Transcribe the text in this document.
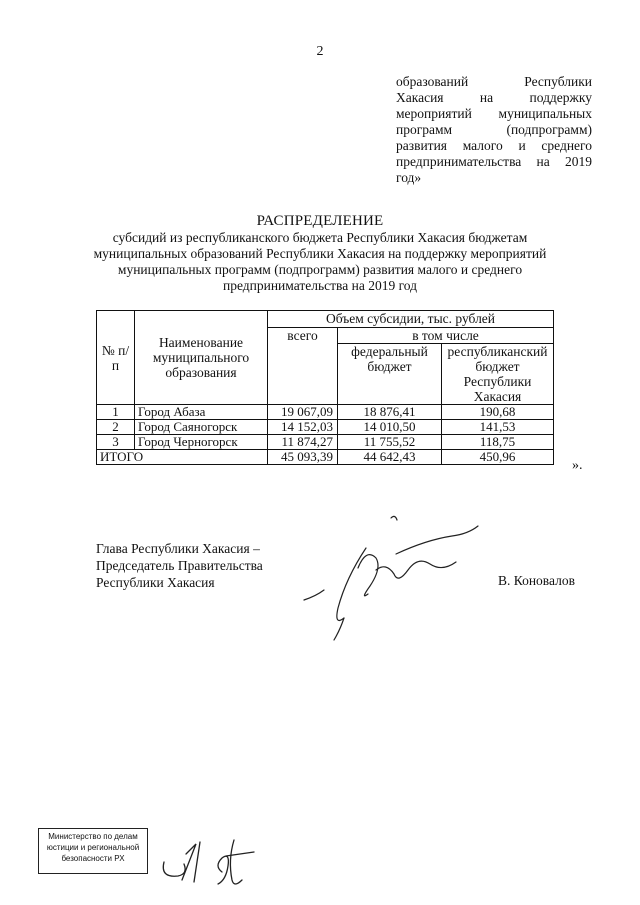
2
образований Республики
Хакасия на поддержку
мероприятий муниципальных
программ (подпрограмм)
развития малого и среднего
предпринимательства на 2019
год»
РАСПРЕДЕЛЕНИЕ
субсидий из республиканского бюджета Республики Хакасия бюджетам
муниципальных образований Республики Хакасия на поддержку мероприятий
муниципальных программ (подпрограмм) развития малого и среднего
предпринимательства на 2019 год
№ п/п	Наименование муниципального образования	Объем субсидии, тыс. рублей		
		всего	в том числе	
			федеральный бюджет	республиканский бюджет Республики Хакасия

1	Город Абаза	19 067,09	18 876,41	190,68
2	Город Саяногорск	14 152,03	14 010,50	141,53
3	Город Черногорск	11 874,27	11 755,52	118,75
ИТОГО		45 093,39	44 642,43	450,96
».
Глава Республики Хакасия –
Председатель Правительства
Республики Хакасия	В. Коновалов
Министерство по делам
юстиции и региональной
безопасности РХ
